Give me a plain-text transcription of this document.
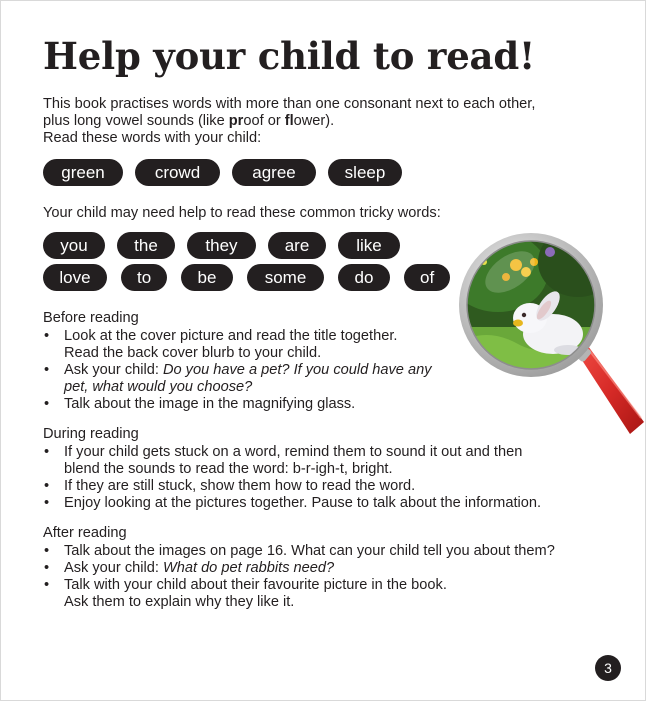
Help your child to read!
This book practises words with more than one consonant next to each other,
plus long vowel sounds (like proof or flower).
Read these words with your child:
green	crowd	agree	sleep
Your child may need help to read these common tricky words:
you	the	they	are	like
love	to	be	some	do	of
Before reading
• Look at the cover picture and read the title together.
Read the back cover blurb to your child.
• Ask your child: Do you have a pet? If you could have any
pet, what would you choose?
• Talk about the image in the magnifying glass.
During reading
• If your child gets stuck on a word, remind them to sound it out and then
blend the sounds to read the word: b-r-igh-t, bright.
• If they are still stuck, show them how to read the word.
• Enjoy looking at the pictures together. Pause to talk about the information.
After reading
• Talk about the images on page 16. What can your child tell you about them?
• Ask your child: What do pet rabbits need?
• Talk with your child about their favourite picture in the book.
Ask them to explain why they like it.
3
